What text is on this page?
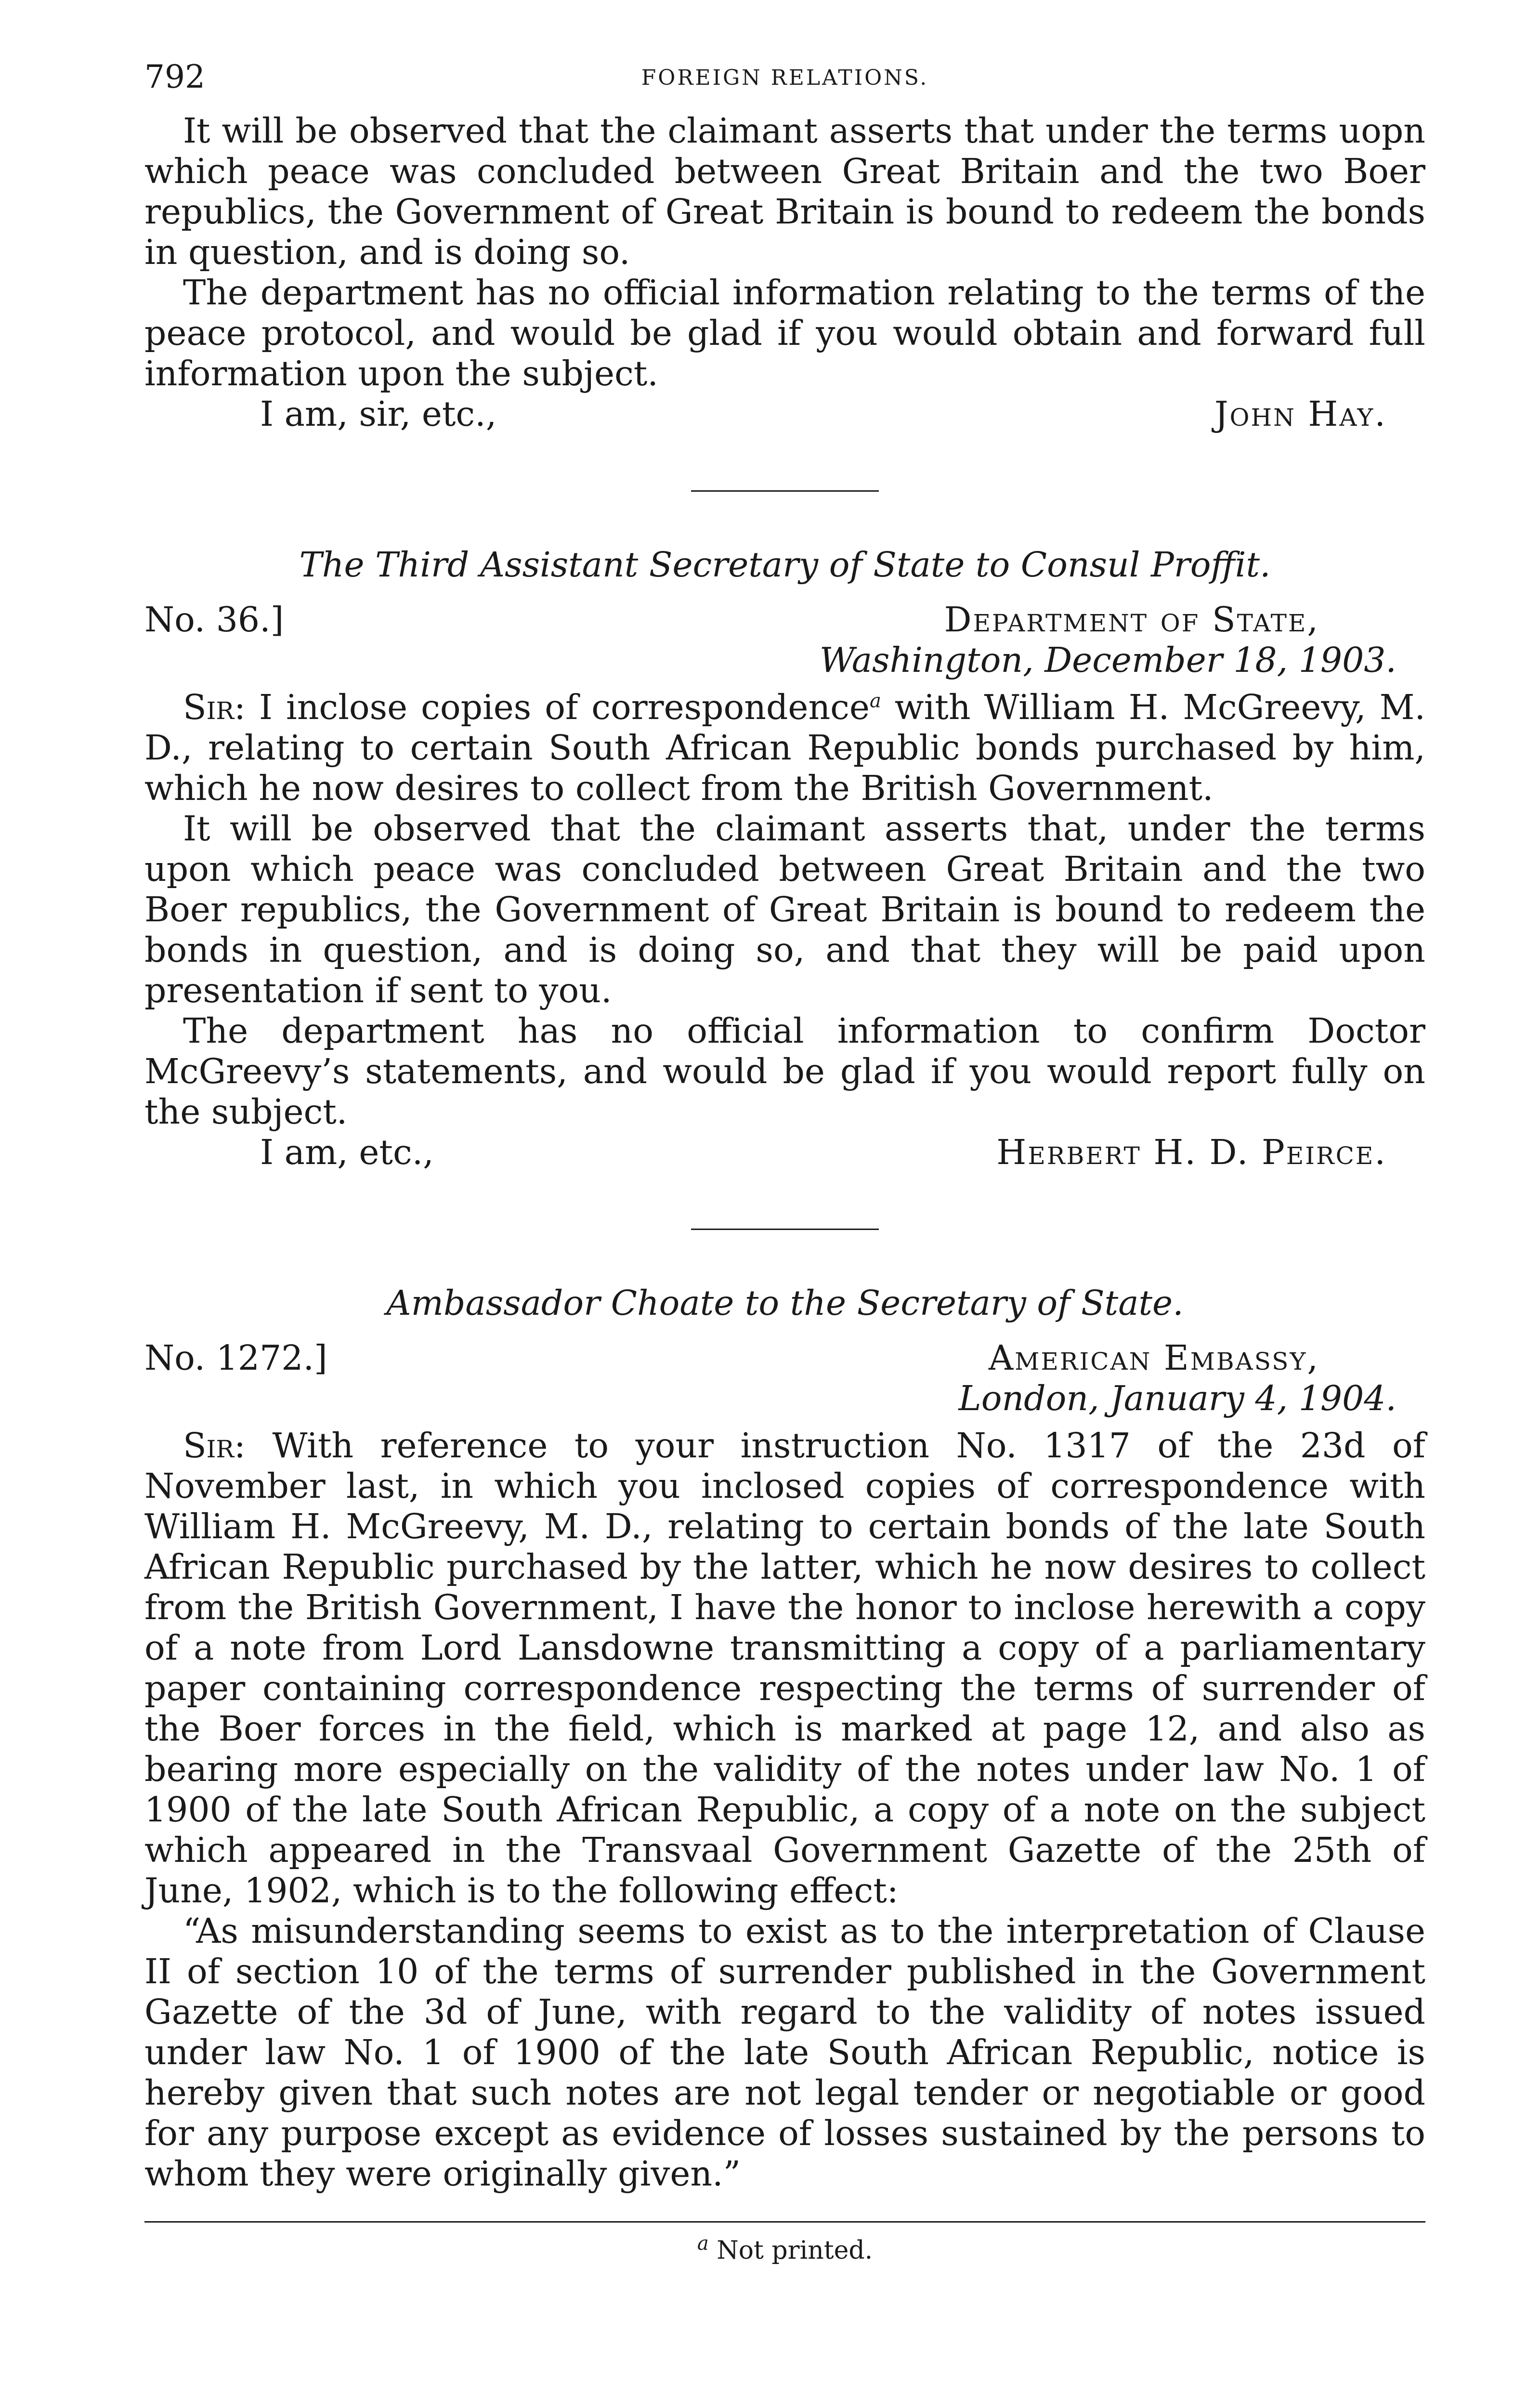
792	FOREIGN RELATIONS.

It will be observed that the claimant asserts that under the terms uopn which peace was concluded between Great Britain and the two Boer republics, the Government of Great Britain is bound to redeem the bonds in question, and is doing so.

The department has no official information relating to the terms of the peace protocol, and would be glad if you would obtain and forward full information upon the subject.

I am, sir, etc.,	John Hay.
The Third Assistant Secretary of State to Consul Proffit.
No. 36.]	Department of State,
Washington, December 18, 1903.

Sir: I inclose copies of correspondence$^a$ with William H. McGreevy, M. D., relating to certain South African Republic bonds purchased by him, which he now desires to collect from the British Government.

It will be observed that the claimant asserts that, under the terms upon which peace was concluded between Great Britain and the two Boer republics, the Government of Great Britain is bound to redeem the bonds in question, and is doing so, and that they will be paid upon presentation if sent to you.

The department has no official information to confirm Doctor McGreevy’s statements, and would be glad if you would report fully on the subject.

I am, etc.,	Herbert H. D. Peirce.
Ambassador Choate to the Secretary of State.
No. 1272.]	American Embassy,
London, January 4, 1904.

Sir: With reference to your instruction No. 1317 of the 23d of November last, in which you inclosed copies of correspondence with William H. McGreevy, M. D., relating to certain bonds of the late South African Republic purchased by the latter, which he now desires to collect from the British Government, I have the honor to inclose herewith a copy of a note from Lord Lansdowne transmitting a copy of a parliamentary paper containing correspondence respecting the terms of surrender of the Boer forces in the field, which is marked at page 12, and also as bearing more especially on the validity of the notes under law No. 1 of 1900 of the late South African Republic, a copy of a note on the subject which appeared in the Transvaal Government Gazette of the 25th of June, 1902, which is to the following effect:

“As misunderstanding seems to exist as to the interpretation of Clause II of section 10 of the terms of surrender published in the Government Gazette of the 3d of June, with regard to the validity of notes issued under law No. 1 of 1900 of the late South African Republic, notice is hereby given that such notes are not legal tender or negotiable or good for any purpose except as evidence of losses sustained by the persons to whom they were originally given.”

$^a$ Not printed.
